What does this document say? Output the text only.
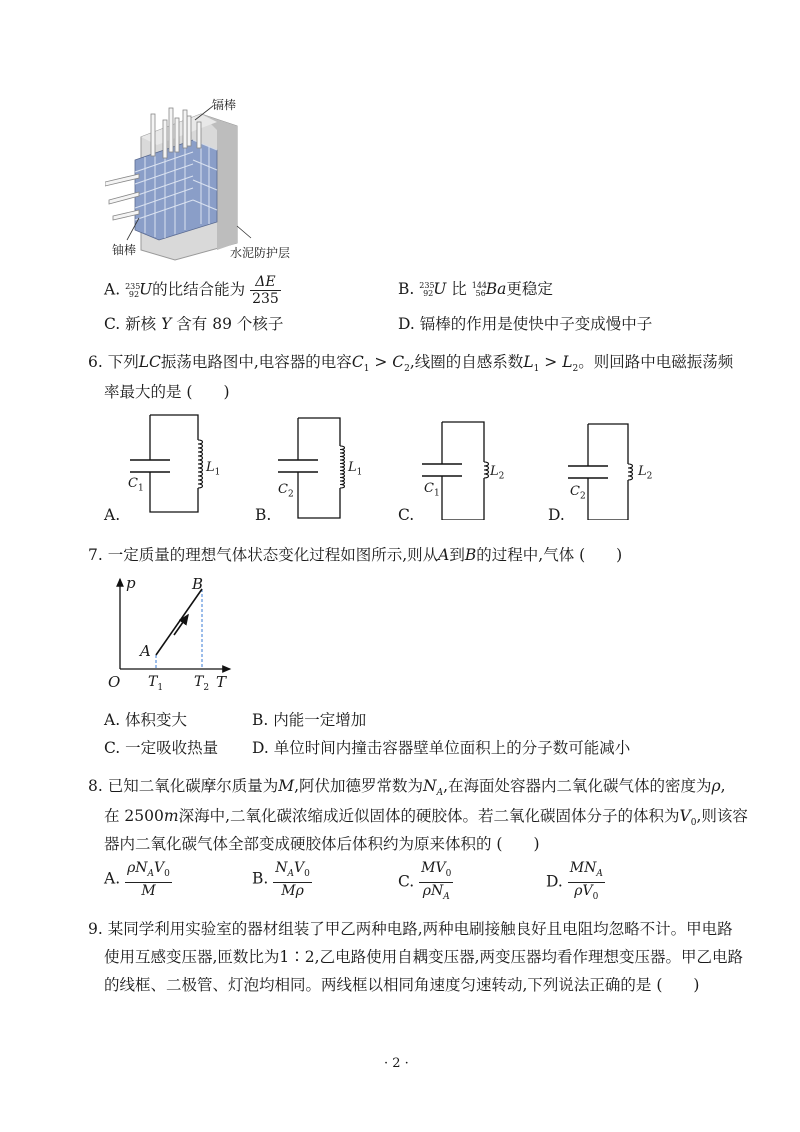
镉棒
铀棒	水泥防护层
A. 235
92 U的比结合能为 $\frac{\Delta E}{235}$	B. 235
92 U 比 144
56 Ba更稳定
C. 新核 Y 含有 89 个核子	D. 镉棒的作用是使快中子变成慢中子
6. 下列LC振荡电路图中,电容器的电容$C_1 > C_2$,线圈的自感系数$L_1 > L_2$。则回路中电磁振荡频
率最大的是 (　　)
$C_1$
$L_1$
A.
$C_2$
$L_1$
B.
$C_1$
$L_2$
C.
$C_2$
$L_2$
D.
7. 一定质量的理想气体状态变化过程如图所示,则从A到B的过程中,气体 (　　)
p
T
O
A
B
$T_1$ $T_2$
A. 体积变大	B. 内能一定增加
C. 一定吸收热量 D. 单位时间内撞击容器壁单位面积上的分子数可能减小
8. 已知二氧化碳摩尔质量为M,阿伏加德罗常数为$N_A$,在海面处容器内二氧化碳气体的密度为ρ,
在 2500m深海中,二氧化碳浓缩成近似固体的硬胶体。若二氧化碳固体分子的体积为$V_0$,则该容
器内二氧化碳气体全部变成硬胶体后体积约为原来体积的 (　　)
A. $\frac{\rho N_AV_0}{M}$	B. $\frac{N_AV_0}{M\rho}$	C. $\frac{MV_0}{\rho N_A}$	D. $\frac{MN_A}{\rho V_0}$
9. 某同学利用实验室的器材组装了甲乙两种电路,两种电刷接触良好且电阻均忽略不计。甲电路
使用互感变压器,匝数比为1∶2,乙电路使用自耦变压器,两变压器均看作理想变压器。甲乙电路
的线框、二极管、灯泡均相同。两线框以相同角速度匀速转动,下列说法正确的是 (　　)
· 2 ·
